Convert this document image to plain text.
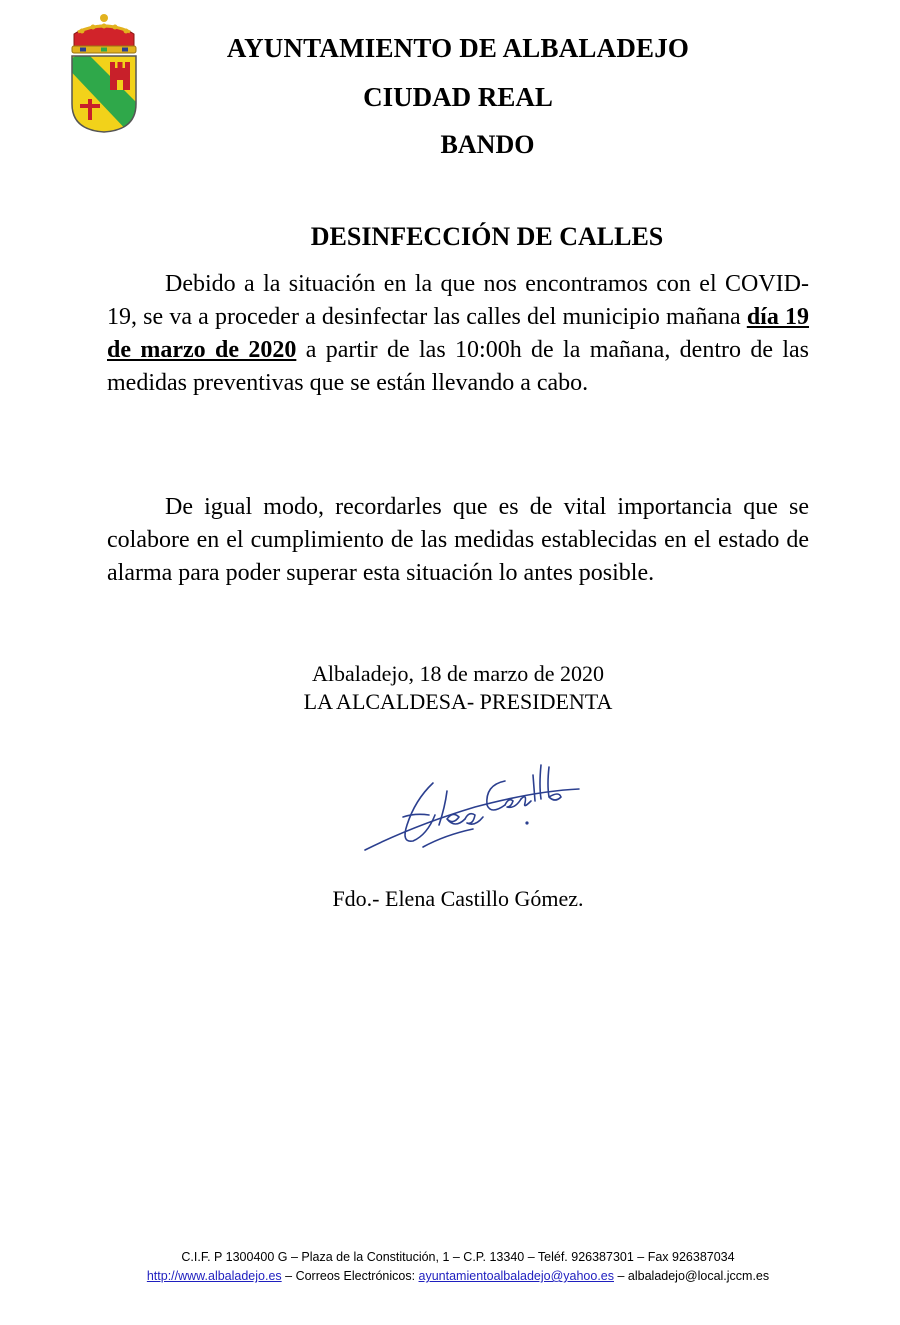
AYUNTAMIENTO DE ALBALADEJO
CIUDAD REAL
BANDO
DESINFECCIÓN DE CALLES

Debido a la situación en la que nos encontramos con el COVID-19, se va a proceder a desinfectar las calles del municipio mañana día 19 de marzo de 2020 a partir de las 10:00h de la mañana, dentro de las medidas preventivas que se están llevando a cabo.

De igual modo, recordarles que es de vital importancia que se colabore en el cumplimiento de las medidas establecidas en el estado de alarma para poder superar esta situación lo antes posible.

Albaladejo, 18 de marzo de 2020
LA ALCALDESA- PRESIDENTA
Fdo.- Elena Castillo Gómez.
C.I.F. P 1300400 G – Plaza de la Constitución, 1 – C.P. 13340 – Teléf. 926387301 – Fax 926387034
http://www.albaladejo.es – Correos Electrónicos: ayuntamientoalbaladejo@yahoo.es – albaladejo@local.jccm.es
